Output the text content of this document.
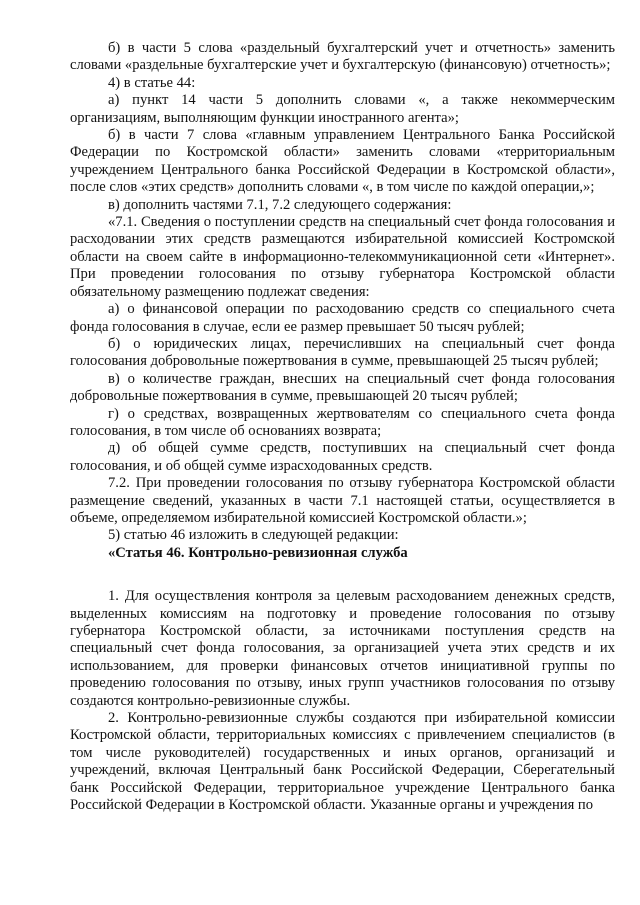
б) в части 5 слова «раздельный бухгалтерский учет и отчетность» заменить словами «раздельные бухгалтерские учет и бухгалтерскую (финансовую) отчетность»;

4) в статье 44:

а) пункт 14 части 5 дополнить словами «, а также некоммерческим организациям, выполняющим функции иностранного агента»;

б) в части 7 слова «главным управлением Центрального Банка Российской Федерации по Костромской области» заменить словами «территориальным учреждением Центрального банка Российской Федерации в Костромской области», после слов «этих средств» дополнить словами «, в том числе по каждой операции,»;

в) дополнить частями 7.1, 7.2 следующего содержания:

«7.1. Сведения о поступлении средств на специальный счет фонда голосования и расходовании этих средств размещаются избирательной комиссией Костромской области на своем сайте в информационно-телекоммуникационной сети «Интернет». При проведении голосования по отзыву губернатора Костромской области обязательному размещению подлежат сведения:

а) о финансовой операции по расходованию средств со специального счета фонда голосования в случае, если ее размер превышает 50 тысяч рублей;

б) о юридических лицах, перечисливших на специальный счет фонда голосования добровольные пожертвования в сумме, превышающей 25 тысяч рублей;

в) о количестве граждан, внесших на специальный счет фонда голосования добровольные пожертвования в сумме, превышающей 20 тысяч рублей;

г) о средствах, возвращенных жертвователям со специального счета фонда голосования, в том числе об основаниях возврата;

д) об общей сумме средств, поступивших на специальный счет фонда голосования, и об общей сумме израсходованных средств.

7.2. При проведении голосования по отзыву губернатора Костромской области размещение сведений, указанных в части 7.1 настоящей статьи, осуществляется в объеме, определяемом избирательной комиссией Костромской области.»;

5) статью 46 изложить в следующей редакции:

«Статья 46. Контрольно-ревизионная служба

1. Для осуществления контроля за целевым расходованием денежных средств, выделенных комиссиям на подготовку и проведение голосования по отзыву губернатора Костромской области, за источниками поступления средств на специальный счет фонда голосования, за организацией учета этих средств и их использованием, для проверки финансовых отчетов инициативной группы по проведению голосования по отзыву, иных групп участников голосования по отзыву создаются контрольно-ревизионные службы.

2. Контрольно-ревизионные службы создаются при избирательной комиссии Костромской области, территориальных комиссиях с привлечением специалистов (в том числе руководителей) государственных и иных органов, организаций и учреждений, включая Центральный банк Российской Федерации, Сберегательный банк Российской Федерации, территориальное учреждение Центрального банка Российской Федерации в Костромской области. Указанные органы и учреждения по
